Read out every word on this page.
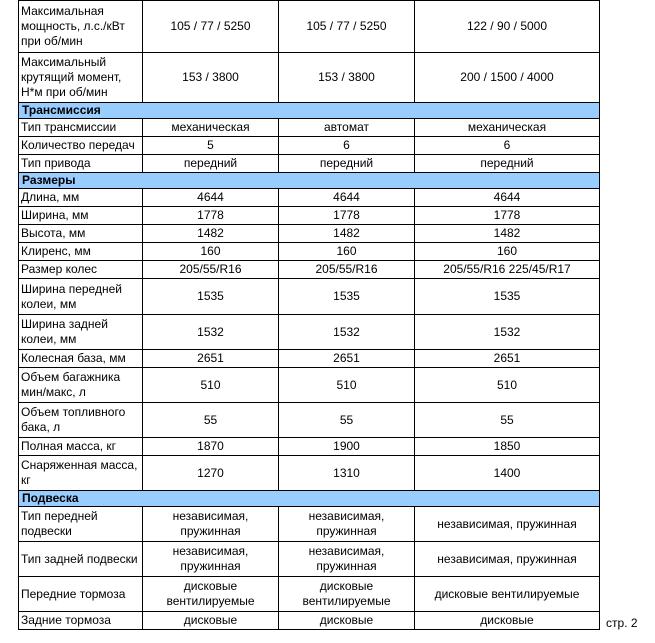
Максимальная мощность, л.с./кВт при об/мин	105 / 77 / 5250	105 / 77 / 5250	122 / 90 / 5000
Максимальный крутящий момент, Н*м при об/мин	153 / 3800	153 / 3800	200 / 1500 / 4000
Трансмиссия			
Тип трансмиссии	механическая	автомат	механическая
Количество передач	5	6	6
Тип привода	передний	передний	передний
Размеры			
Длина, мм	4644	4644	4644
Ширина, мм	1778	1778	1778
Высота, мм	1482	1482	1482
Клиренс, мм	160	160	160
Размер колес	205/55/R16	205/55/R16	205/55/R16 225/45/R17
Ширина передней колеи, мм	1535	1535	1535
Ширина задней колеи, мм	1532	1532	1532
Колесная база, мм	2651	2651	2651
Объем багажника мин/макс, л	510	510	510
Объем топливного бака, л	55	55	55
Полная масса, кг	1870	1900	1850
Снаряженная масса, кг	1270	1310	1400
Подвеска			
Тип передней подвески	независимая, пружинная	независимая, пружинная	независимая, пружинная
Тип задней подвески	независимая, пружинная	независимая, пружинная	независимая, пружинная
Передние тормоза	дисковые вентилируемые	дисковые вентилируемые	дисковые вентилируемые
Задние тормоза	дисковые	дисковые	дисковые	стр. 2
